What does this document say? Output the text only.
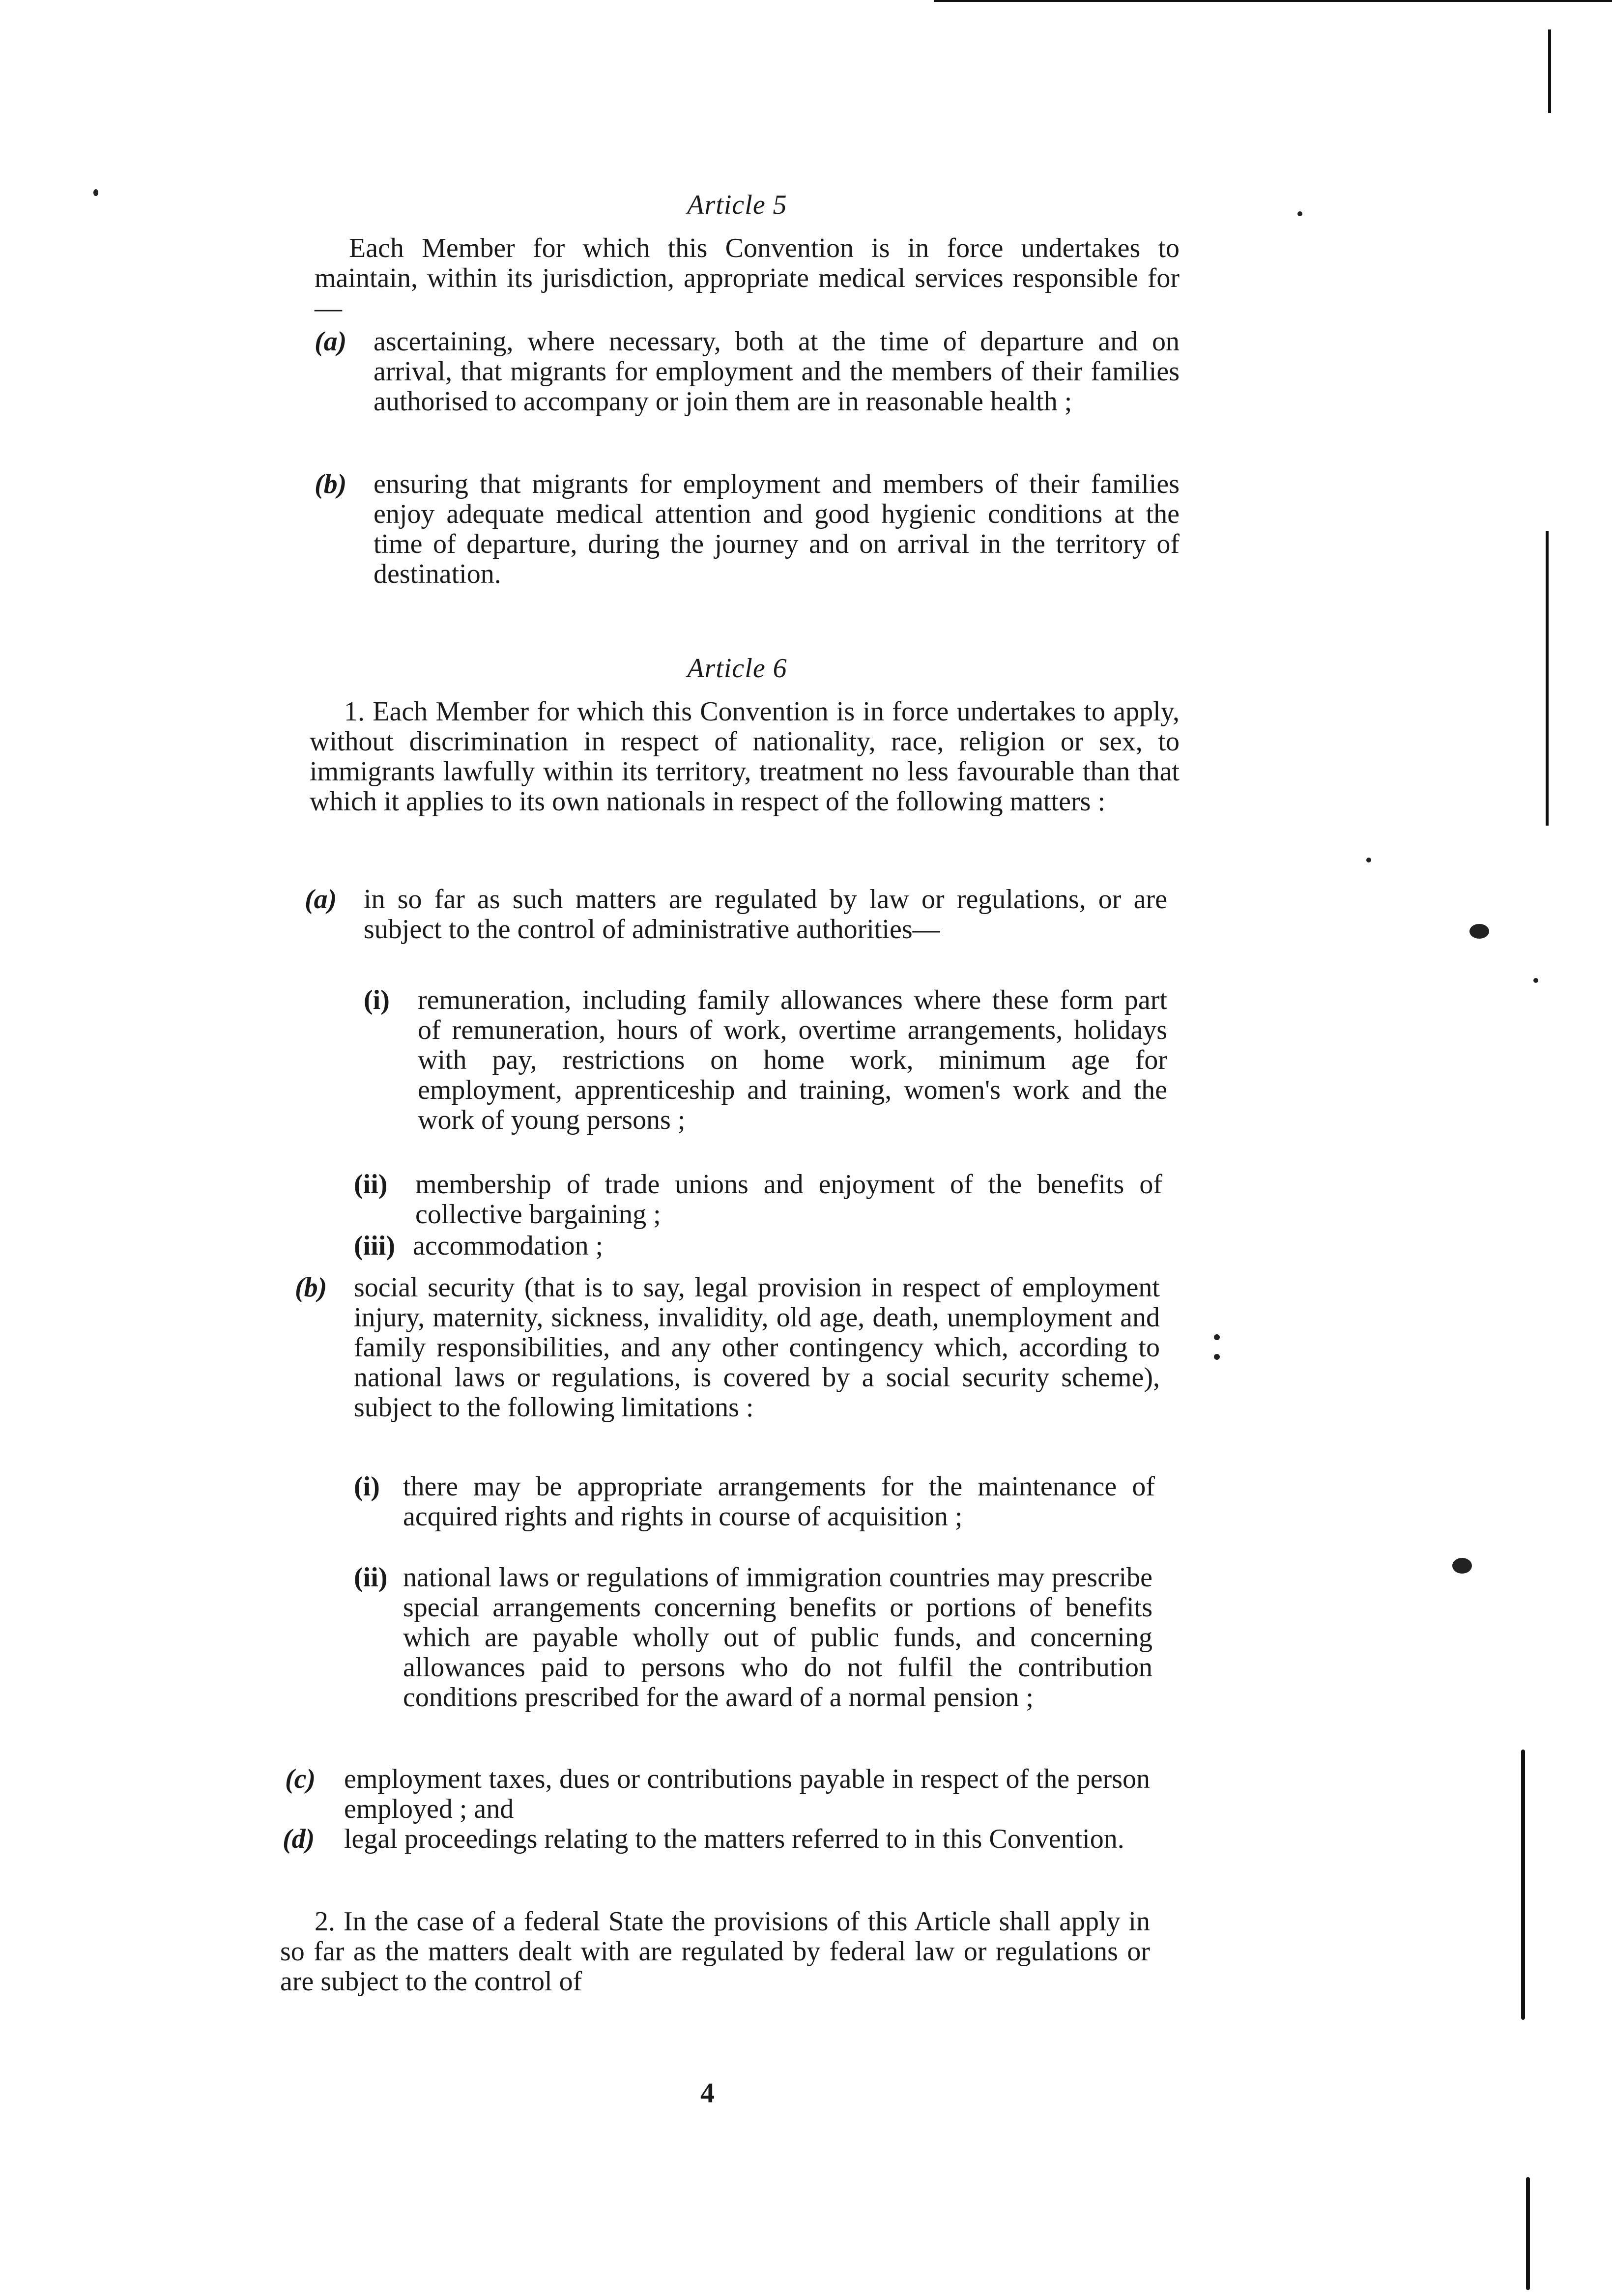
Article 5
Each Member for which this Convention is in force undertakes to maintain, within its jurisdiction, appropriate medical services responsible for—
(a) ascertaining, where necessary, both at the time of departure and on arrival, that migrants for employment and the members of their families authorised to accompany or join them are in reasonable health ;
(b) ensuring that migrants for employment and members of their families enjoy adequate medical attention and good hygienic conditions at the time of departure, during the journey and on arrival in the territory of destination.
Article 6
1. Each Member for which this Convention is in force undertakes to apply, without discrimination in respect of nationality, race, religion or sex, to immigrants lawfully within its territory, treatment no less favourable than that which it applies to its own nationals in respect of the following matters :
(a) in so far as such matters are regulated by law or regulations, or are subject to the control of administrative authorities—
(i) remuneration, including family allowances where these form part of remuneration, hours of work, overtime arrangements, holidays with pay, restrictions on home work, minimum age for employment, apprenticeship and training, women's work and the work of young persons ;
(ii) membership of trade unions and enjoyment of the benefits of collective bargaining ;
(iii) accommodation ;
(b) social security (that is to say, legal provision in respect of employment injury, maternity, sickness, invalidity, old age, death, unemployment and family responsibilities, and any other contingency which, according to national laws or regulations, is covered by a social security scheme), subject to the following limitations :
(i) there may be appropriate arrangements for the maintenance of acquired rights and rights in course of acquisition ;
(ii) national laws or regulations of immigration countries may prescribe special arrangements concerning benefits or portions of benefits which are payable wholly out of public funds, and concerning allowances paid to persons who do not fulfil the contribution conditions prescribed for the award of a normal pension ;
(c) employment taxes, dues or contributions payable in respect of the person employed ; and
(d) legal proceedings relating to the matters referred to in this Convention.
2. In the case of a federal State the provisions of this Article shall apply in so far as the matters dealt with are regulated by federal law or regulations or are subject to the control of
4
